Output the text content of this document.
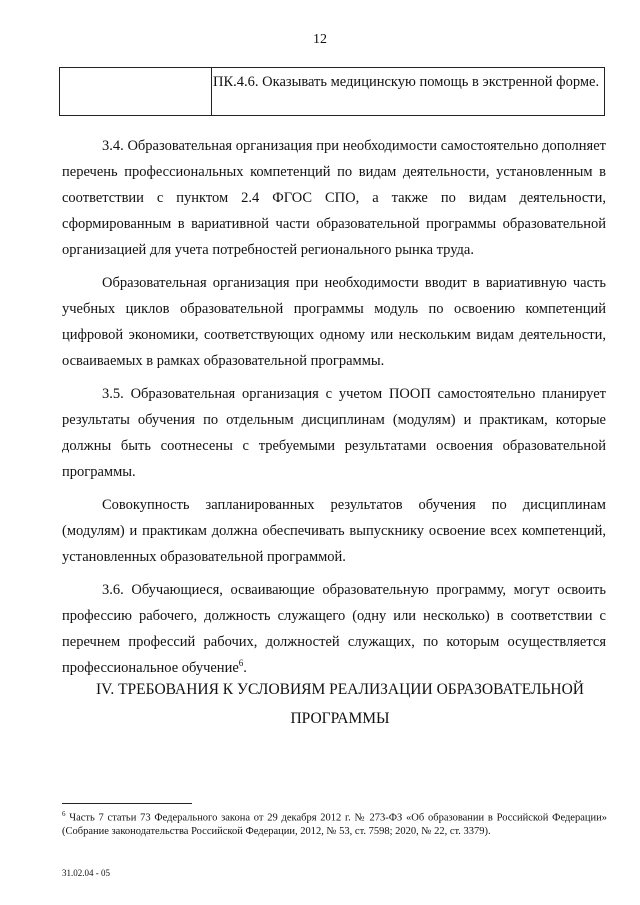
12
ПК.4.6. Оказывать медицинскую помощь в экстренной форме.

3.4. Образовательная организация при необходимости самостоятельно дополняет перечень профессиональных компетенций по видам деятельности, установленным в соответствии с пунктом 2.4 ФГОС СПО, а также по видам деятельности, сформированным в вариативной части образовательной программы образовательной организацией для учета потребностей регионального рынка труда.

Образовательная организация при необходимости вводит в вариативную часть учебных циклов образовательной программы модуль по освоению компетенций цифровой экономики, соответствующих одному или нескольким видам деятельности, осваиваемых в рамках образовательной программы.

3.5. Образовательная организация с учетом ПООП самостоятельно планирует результаты обучения по отдельным дисциплинам (модулям) и практикам, которые должны быть соотнесены с требуемыми результатами освоения образовательной программы.

Совокупность запланированных результатов обучения по дисциплинам (модулям) и практикам должна обеспечивать выпускнику освоение всех компетенций, установленных образовательной программой.

3.6. Обучающиеся, осваивающие образовательную программу, могут освоить профессию рабочего, должность служащего (одну или несколько) в соответствии с перечнем профессий рабочих, должностей служащих, по которым осуществляется профессиональное обучение$^6$.

IV. ТРЕБОВАНИЯ К УСЛОВИЯМ РЕАЛИЗАЦИИ ОБРАЗОВАТЕЛЬНОЙ ПРОГРАММЫ
$^6$ Часть 7 статьи 73 Федерального закона от 29 декабря 2012 г. № 273-ФЗ «Об образовании в Российской Федерации» (Собрание законодательства Российской Федерации, 2012, № 53, ст. 7598; 2020, № 22, ст. 3379).
31.02.04 - 05
